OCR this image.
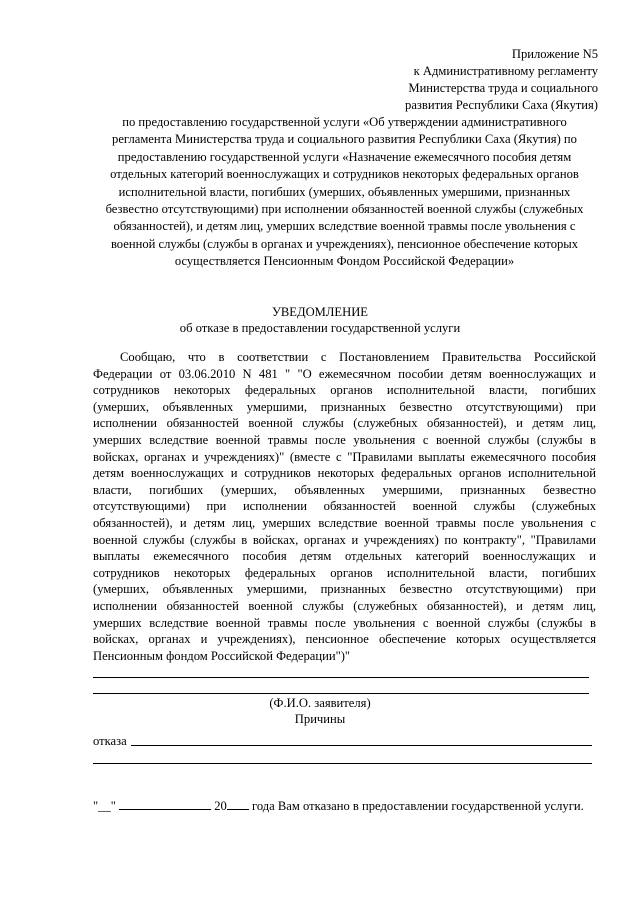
Приложение N5
к Административному регламенту
Министерства труда и социального
развития Республики Саха (Якутия)
по предоставлению государственной услуги «Об утверждении административного
регламента Министерства труда и социального развития Республики Саха (Якутия) по
предоставлению государственной услуги «Назначение ежемесячного пособия детям
отдельных категорий военнослужащих и сотрудников некоторых федеральных органов
исполнительной власти, погибших (умерших, объявленных умершими, признанных
безвестно отсутствующими) при исполнении обязанностей военной службы (служебных
обязанностей), и детям лиц, умерших вследствие военной травмы после увольнения с
военной службы (службы в органах и учреждениях), пенсионное обеспечение которых
осуществляется Пенсионным Фондом Российской Федерации»
УВЕДОМЛЕНИЕ
об отказе в предоставлении государственной услуги
Сообщаю, что в соответствии с Постановлением Правительства Российской
Федерации от 03.06.2010 N 481 " "О ежемесячном пособии детям военнослужащих и
сотрудников некоторых федеральных органов исполнительной власти, погибших
(умерших, объявленных умершими, признанных безвестно отсутствующими) при
исполнении обязанностей военной службы (служебных обязанностей), и детям лиц,
умерших вследствие военной травмы после увольнения с военной службы (службы в
войсках, органах и учреждениях)" (вместе с "Правилами выплаты ежемесячного пособия
детям военнослужащих и сотрудников некоторых федеральных органов исполнительной
власти, погибших (умерших, объявленных умершими, признанных безвестно
отсутствующими) при исполнении обязанностей военной службы (служебных
обязанностей), и детям лиц, умерших вследствие военной травмы после увольнения с
военной службы (службы в войсках, органах и учреждениях) по контракту", "Правилами
выплаты ежемесячного пособия детям отдельных категорий военнослужащих и
сотрудников некоторых федеральных органов исполнительной власти, погибших
(умерших, объявленных умершими, признанных безвестно отсутствующими) при
исполнении обязанностей военной службы (служебных обязанностей), и детям лиц,
умерших вследствие военной травмы после увольнения с военной службы (службы в
войсках, органах и учреждениях), пенсионное обеспечение которых осуществляется
Пенсионным фондом Российской Федерации")"
(Ф.И.О. заявителя)
Причины
отказа
"__"	20 года Вам отказано в предоставлении государственной услуги.
